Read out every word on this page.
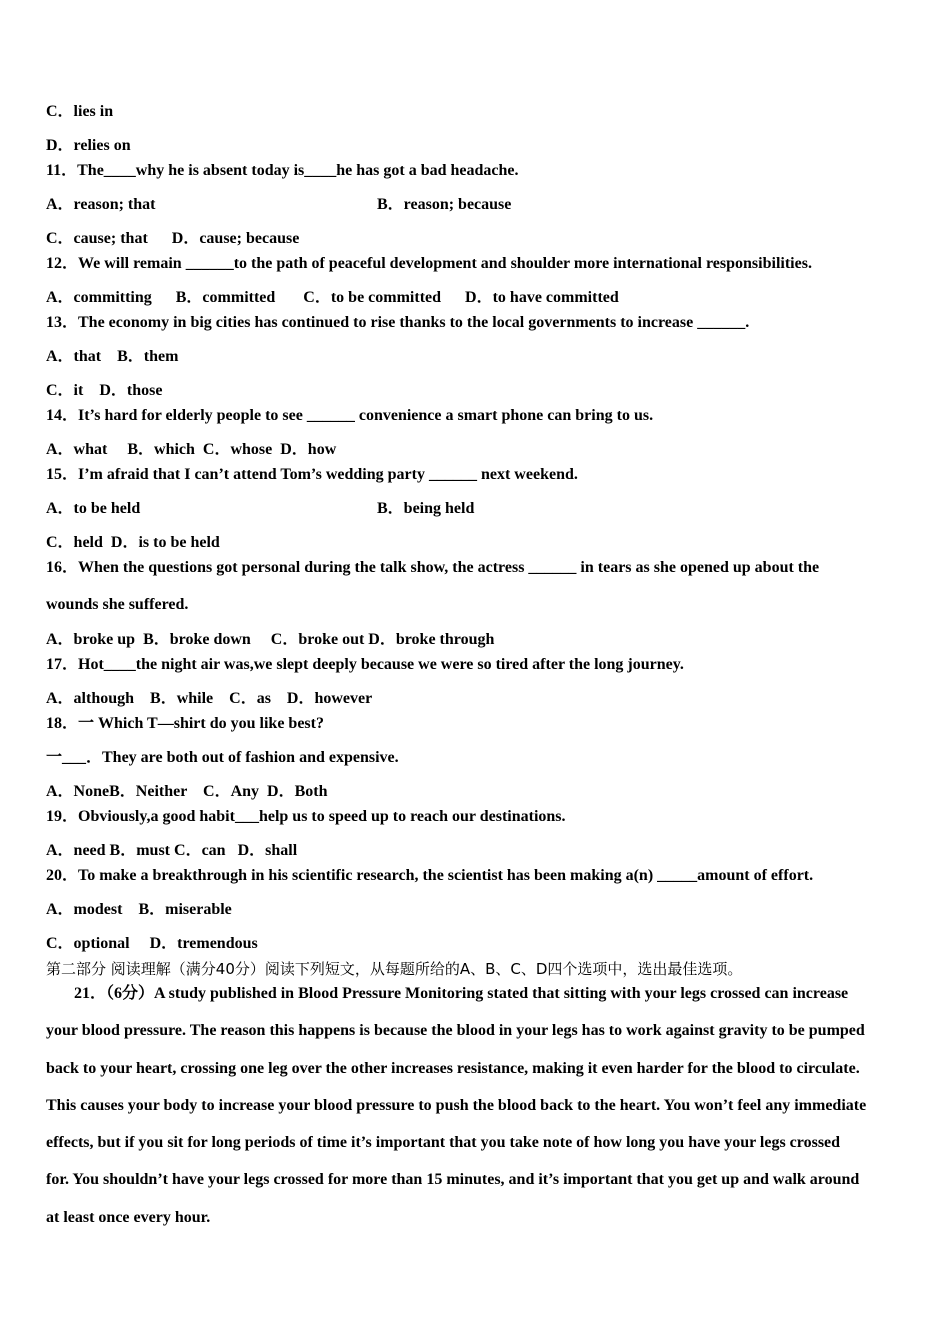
C．lies in
D．relies on
11．The____why he is absent today is____he has got a bad headache.
A．reason; that	B．reason; because
C．cause; that      D．cause; because
12．We will remain ______to the path of peaceful development and shoulder more international responsibilities.
A．committing      B．committed       C．to be committed      D．to have committed
13．The economy in big cities has continued to rise thanks to the local governments to increase ______.
A．that    B．them
C．it    D．those
14．It’s hard for elderly people to see ______ convenience a smart phone can bring to us.
A．what     B．which  C．whose  D．how
15．I’m afraid that I can’t attend Tom’s wedding party ______ next weekend.
A．to be held	B．being held
C．held  D．is to be held
16．When the questions got personal during the talk show, the actress ______ in tears as she opened up about the
wounds she suffered.
A．broke up  B．broke down     C．broke out D．broke through
17．Hot____the night air was,we slept deeply because we were so tired after the long journey.
A．although    B．while    C．as    D．however
18．一 Which T—shirt do you like best?
一___．They are both out of fashion and expensive.
A．NoneB．Neither    C．Any  D．Both
19．Obviously,a good habit___help us to speed up to reach our destinations.
A．need B．must C．can   D．shall
20．To make a breakthrough in his scientific research, the scientist has been making a(n) _____amount of effort.
A．modest    B．miserable
C．optional     D．tremendous
第二部分 阅读理解（满分40分）阅读下列短文，从每题所给的A、B、C、D四个选项中，选出最佳选项。
21．（6分）A study published in Blood Pressure Monitoring stated that sitting with your legs crossed can increase
your blood pressure. The reason this happens is because the blood in your legs has to work against gravity to be pumped
back to your heart, crossing one leg over the other increases resistance, making it even harder for the blood to circulate.
This causes your body to increase your blood pressure to push the blood back to the heart. You won’t feel any immediate
effects, but if you sit for long periods of time it’s important that you take note of how long you have your legs crossed
for. You shouldn’t have your legs crossed for more than 15 minutes, and it’s important that you get up and walk around
at least once every hour.
